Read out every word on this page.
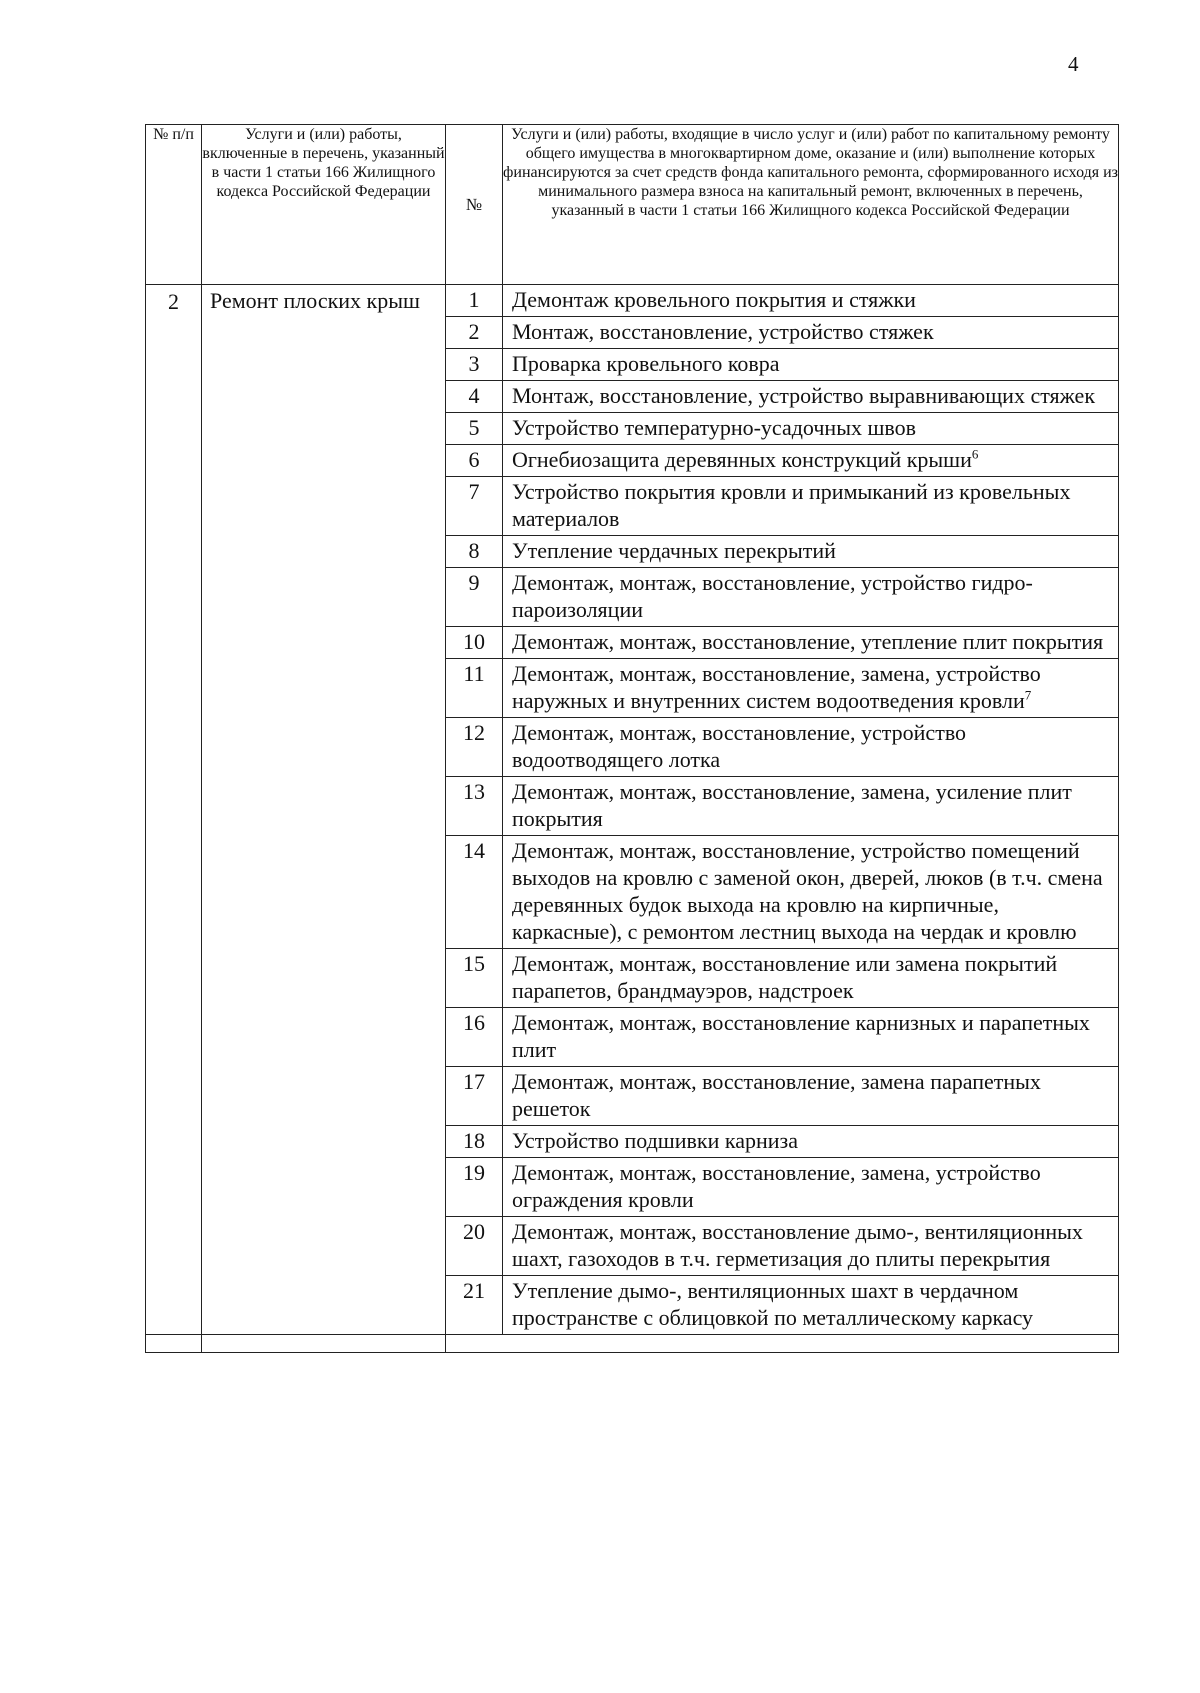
4
№ п/п	Услуги и (или) работы, включенные в перечень, указанный в части 1 статьи 166 Жилищного кодекса Российской Федерации	№	Услуги и (или) работы, входящие в число услуг и (или) работ по капитальному ремонту общего имущества в многоквартирном доме, оказание и (или) выполнение которых финансируются за счет средств фонда капитального ремонта, сформированного исходя из минимального размера взноса на капитальный ремонт, включенных в перечень, указанный в части 1 статьи 166 Жилищного кодекса Российской Федерации
2	Ремонт плоских крыш	1	Демонтаж кровельного покрытия и стяжки
		2	Монтаж, восстановление, устройство стяжек
		3	Проварка кровельного ковра
		4	Монтаж, восстановление, устройство выравнивающих стяжек
		5	Устройство температурно-усадочных швов
		6	Огнебиозащита деревянных конструкций крыши$^6$
		7	Устройство покрытия кровли и примыканий из кровельных материалов
		8	Утепление чердачных перекрытий
		9	Демонтаж, монтаж, восстановление, устройство гидро-пароизоляции
		10	Демонтаж, монтаж, восстановление, утепление плит покрытия
		11	Демонтаж, монтаж, восстановление, замена, устройство наружных и внутренних систем водоотведения кровли$^7$
		12	Демонтаж, монтаж, восстановление, устройство водоотводящего лотка
		13	Демонтаж, монтаж, восстановление, замена, усиление плит покрытия
		14	Демонтаж, монтаж, восстановление, устройство помещений выходов на кровлю с заменой окон, дверей, люков (в т.ч. смена деревянных будок выхода на кровлю на кирпичные, каркасные), с ремонтом лестниц выхода на чердак и кровлю
		15	Демонтаж, монтаж, восстановление или замена покрытий парапетов, брандмауэров, надстроек
		16	Демонтаж, монтаж, восстановление карнизных и парапетных плит
		17	Демонтаж, монтаж, восстановление, замена парапетных решеток
		18	Устройство подшивки карниза
		19	Демонтаж, монтаж, восстановление, замена, устройство ограждения кровли
		20	Демонтаж, монтаж, восстановление дымо-, вентиляционных шахт, газоходов в т.ч. герметизация до плиты перекрытия
		21	Утепление дымо-, вентиляционных шахт в чердачном пространстве с облицовкой по металлическому каркасу
